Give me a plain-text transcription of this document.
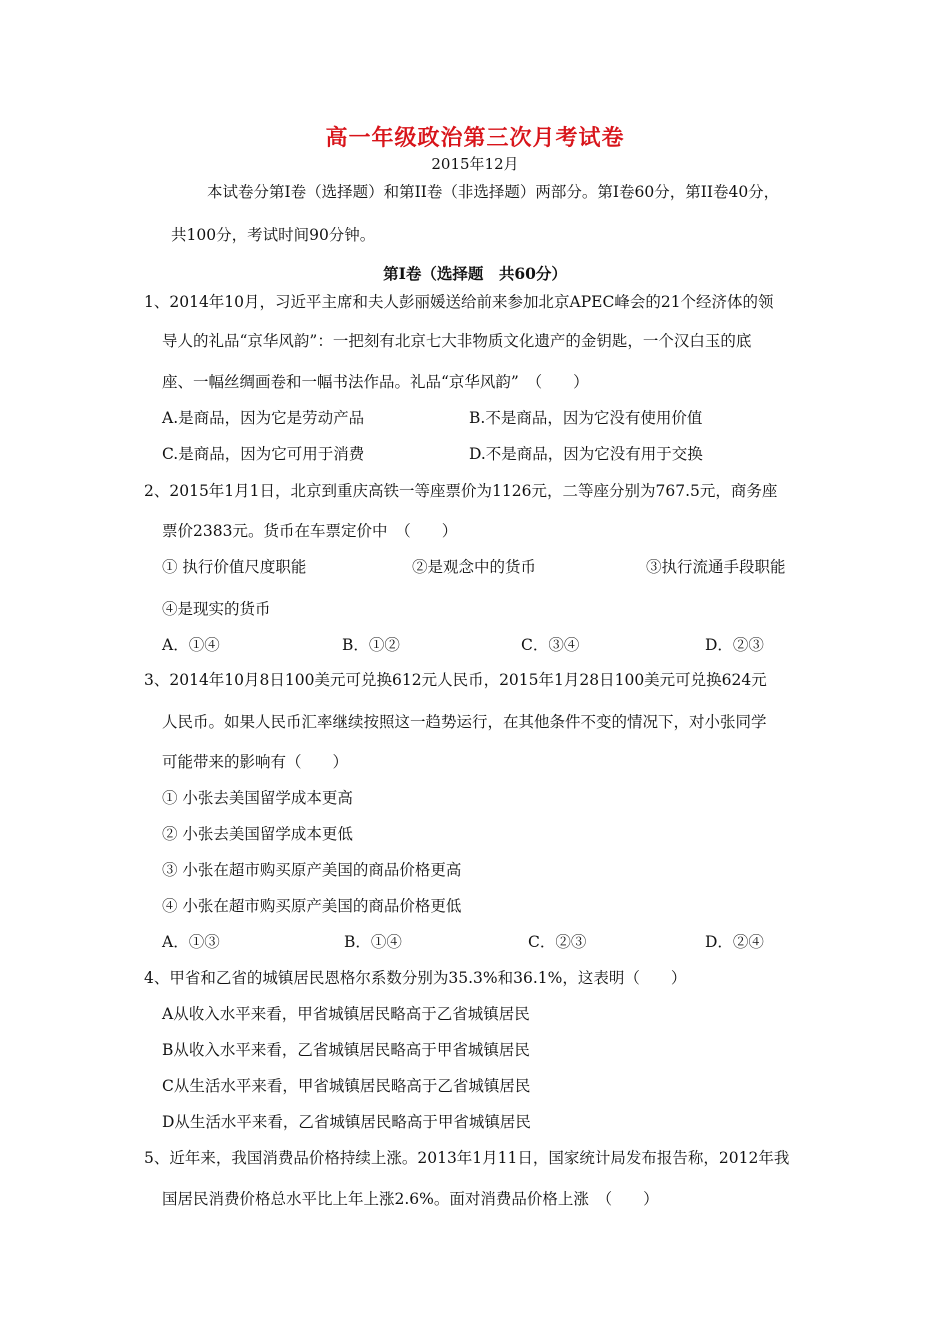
高一年级政治第三次月考试卷
2015年12月
本试卷分第Ⅰ卷（选择题）和第ⅠⅠ卷（非选择题）两部分。第Ⅰ卷60分，第ⅠⅠ卷40分，
共100分，考试时间90分钟。
第Ⅰ卷（选择题　共60分）
1、2014年10月，习近平主席和夫人彭丽媛送给前来参加北京APEC峰会的21个经济体的领
导人的礼品“京华风韵”：一把刻有北京七大非物质文化遗产的金钥匙，一个汉白玉的底
座、一幅丝绸画卷和一幅书法作品。礼品“京华风韵”　（　　）
A.是商品，因为它是劳动产品	B.不是商品，因为它没有使用价值
C.是商品，因为它可用于消费	D.不是商品，因为它没有用于交换
2、2015年1月1日，北京到重庆高铁一等座票价为1126元，二等座分别为767.5元，商务座
票价2383元。货币在车票定价中　（　　）
① 执行价值尺度职能	②是观念中的货币	③执行流通手段职能
④是现实的货币
A．①④	B．①②	C．③④	D．②③
3、2014年10月8日100美元可兑换612元人民币，2015年1月28日100美元可兑换624元
人民币。如果人民币汇率继续按照这一趋势运行，在其他条件不变的情况下，对小张同学
可能带来的影响有（　　）
① 小张去美国留学成本更高
② 小张去美国留学成本更低
③ 小张在超市购买原产美国的商品价格更高
④ 小张在超市购买原产美国的商品价格更低
A．①③	B．①④	C．②③	D．②④
4、甲省和乙省的城镇居民恩格尔系数分别为35.3%和36.1%，这表明（　　）
A从收入水平来看，甲省城镇居民略高于乙省城镇居民
B从收入水平来看，乙省城镇居民略高于甲省城镇居民
C从生活水平来看，甲省城镇居民略高于乙省城镇居民
D从生活水平来看，乙省城镇居民略高于甲省城镇居民
5、近年来，我国消费品价格持续上涨。2013年1月11日，国家统计局发布报告称，2012年我
国居民消费价格总水平比上年上涨2.6%。面对消费品价格上涨　（　　）
